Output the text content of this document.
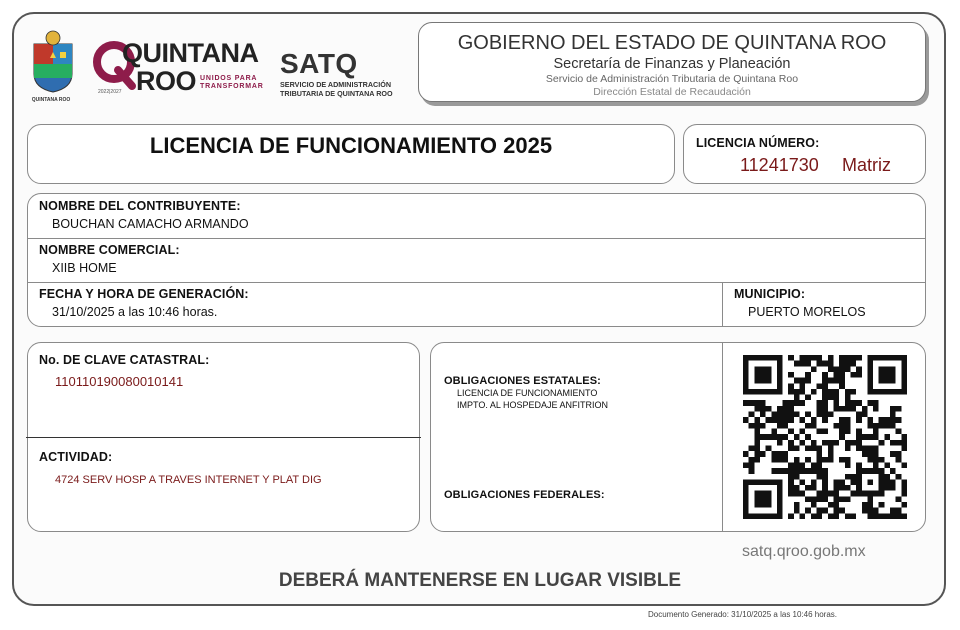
QUINTANA ROO
QUINTANA
ROO UNIDOS PARA
TRANSFORMAR
2022|2027
SATQ
SERVICIO DE ADMINISTRACIÓN
TRIBUTARIA DE QUINTANA ROO
GOBIERNO DEL ESTADO DE QUINTANA ROO
Secretaría de Finanzas y Planeación
Servicio de Administración Tributaria de Quintana Roo
Dirección Estatal de Recaudación
LICENCIA DE FUNCIONAMIENTO 2025	LICENCIA NÚMERO:
11241730 Matriz
NOMBRE DEL CONTRIBUYENTE:
BOUCHAN CAMACHO ARMANDO
NOMBRE COMERCIAL:
XIIB HOME
FECHA Y HORA DE GENERACIÓN:
31/10/2025 a las 10:46 horas.
MUNICIPIO:
PUERTO MORELOS
No. DE CLAVE CATASTRAL:
110110190080010141
ACTIVIDAD:
4724 SERV HOSP A TRAVES INTERNET Y PLAT DIG
OBLIGACIONES ESTATALES:
LICENCIA DE FUNCIONAMIENTO
IMPTO. AL HOSPEDAJE ANFITRION
OBLIGACIONES FEDERALES:
satq.qroo.gob.mx
DEBERÁ MANTENERSE EN LUGAR VISIBLE
Documento Generado: 31/10/2025 a las 10:46 horas.
